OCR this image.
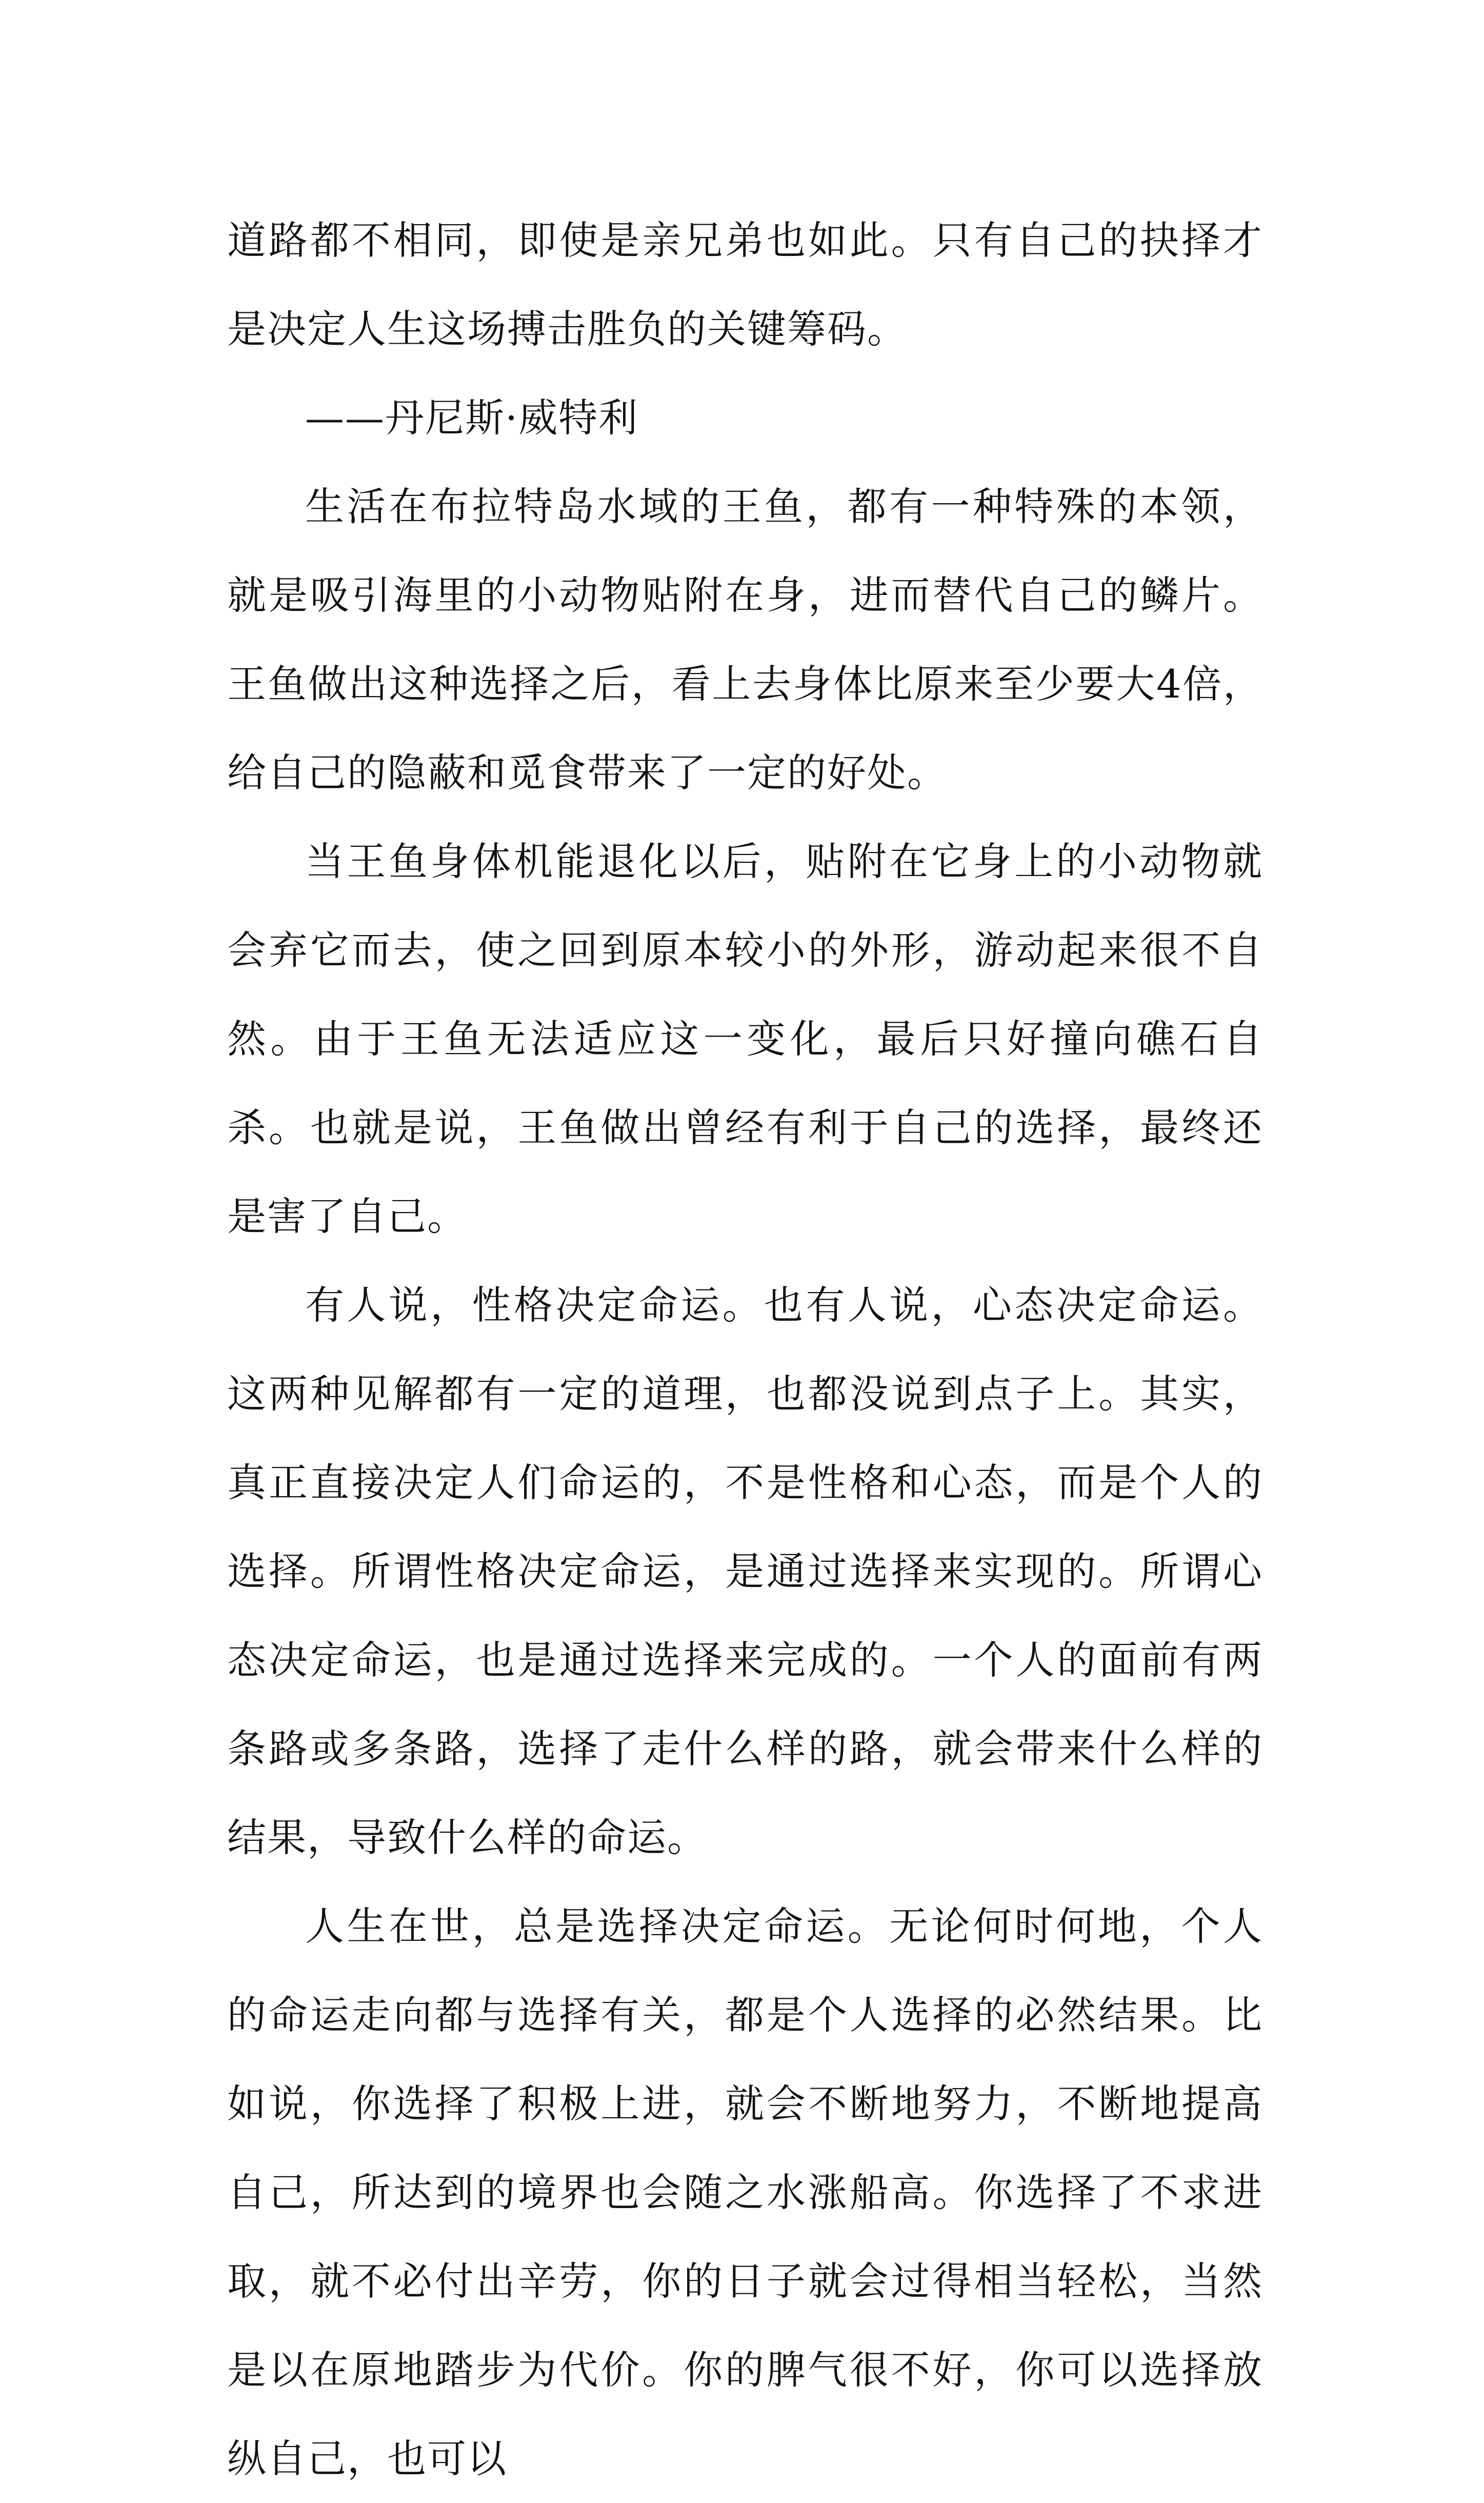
道路都不相同，即使是亲兄弟也如此。只有自己的抉择才是决定人生这场搏击胜负的关键筹码。

——丹尼斯·威特利

生活在布拉特岛水域的王鱼，都有一种特殊的本领，就是吸引海里的小动物贴附在身，进而替代自己的鳞片。王鱼做出这种选择之后，看上去身体比原来至少要大4倍，给自己的隐蔽和觅食带来了一定的好处。

当王鱼身体机能退化以后，贴附在它身上的小动物就会弃它而去，使之回到原本较小的外形，游动起来很不自然。由于王鱼无法适应这一变化，最后只好撞向礁石自杀。也就是说，王鱼做出曾经有利于自己的选择，最终还是害了自己。

有人说，性格决定命运。也有人说，心态决定命运。这两种见解都有一定的道理，也都没说到点子上。其实，真正直接决定人们命运的，不是性格和心态，而是个人的选择。所谓性格决定命运，是通过选择来实现的。所谓心态决定命运，也是通过选择来完成的。一个人的面前有两条路或多条路，选择了走什么样的路，就会带来什么样的结果，导致什么样的命运。

人生在世，总是选择决定命运。无论何时何地，个人的命运走向都与选择有关，都是个人选择的必然结果。比如说，你选择了积极上进，就会不断地努力，不断地提高自己，所达到的境界也会随之水涨船高。你选择了不求进取，就不必付出辛劳，你的日子就会过得相当轻松，当然是以在原地踏步为代价。你的脾气很不好，你可以选择放纵自己，也可以
